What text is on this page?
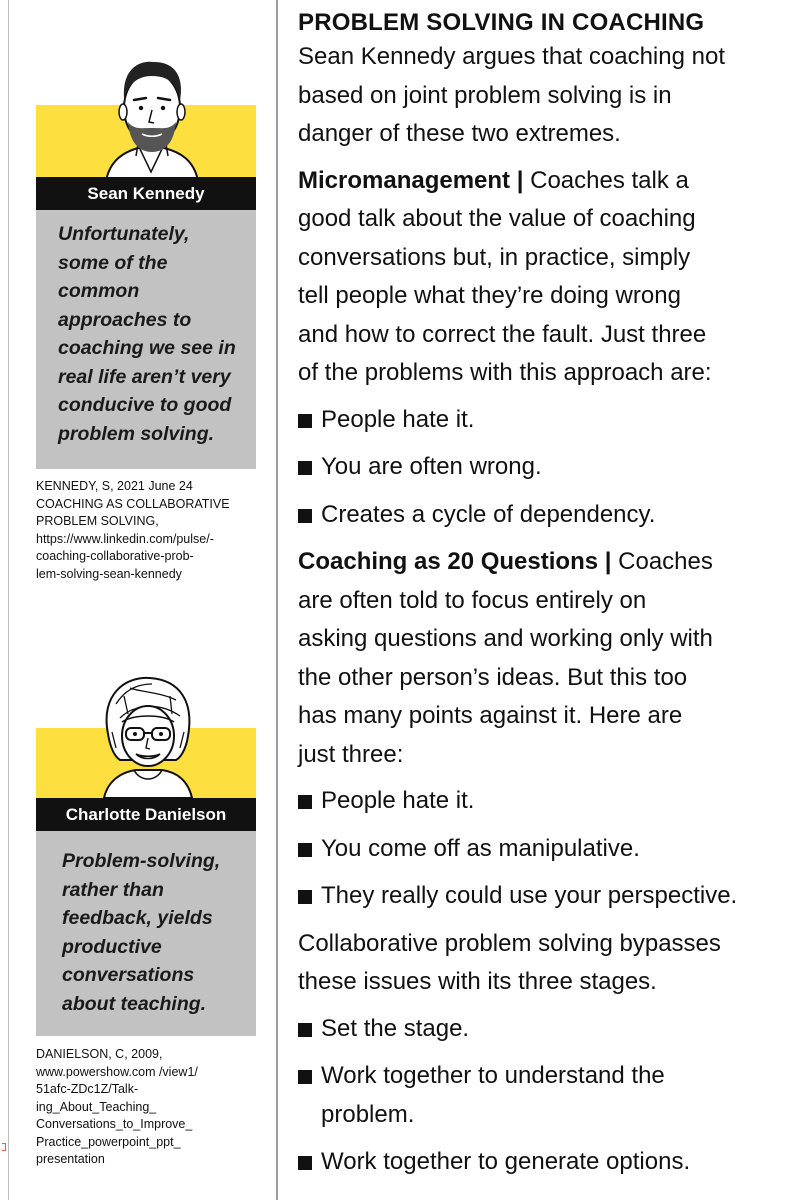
Sean Kennedy
Unfortunately,
some of the
common
approaches to
coaching we see in
real life aren’t very
conducive to good
problem solving.
KENNEDY, S, 2021 June 24
COACHING AS COLLABORATIVE
PROBLEM SOLVING,
https://www.linkedin.com/pulse/-
coaching-collaborative-prob-
lem-solving-sean-kennedy
Charlotte Danielson
Problem-solving,
rather than
feedback, yields
productive
conversations
about teaching.
DANIELSON, C, 2009,
www.powershow.com /view1/
51afc-ZDc1Z/Talk-
ing_About_Teaching_
Conversations_to_Improve_
Practice_powerpoint_ppt_
presentation
PROBLEM SOLVING IN COACHING
Sean Kennedy argues that coaching not
based on joint problem solving is in
danger of these two extremes.
Micromanagement | Coaches talk a
good talk about the value of coaching
conversations but, in practice, simply
tell people what they’re doing wrong
and how to correct the fault. Just three
of the problems with this approach are:
People hate it.
You are often wrong.
Creates a cycle of dependency.
Coaching as 20 Questions | Coaches
are often told to focus entirely on
asking questions and working only with
the other person’s ideas. But this too
has many points against it. Here are
just three:
People hate it.
You come off as manipulative.
They really could use your perspective.
Collaborative problem solving bypasses
these issues with its three stages.
Set the stage.
Work together to understand the
problem.
Work together to generate options.
